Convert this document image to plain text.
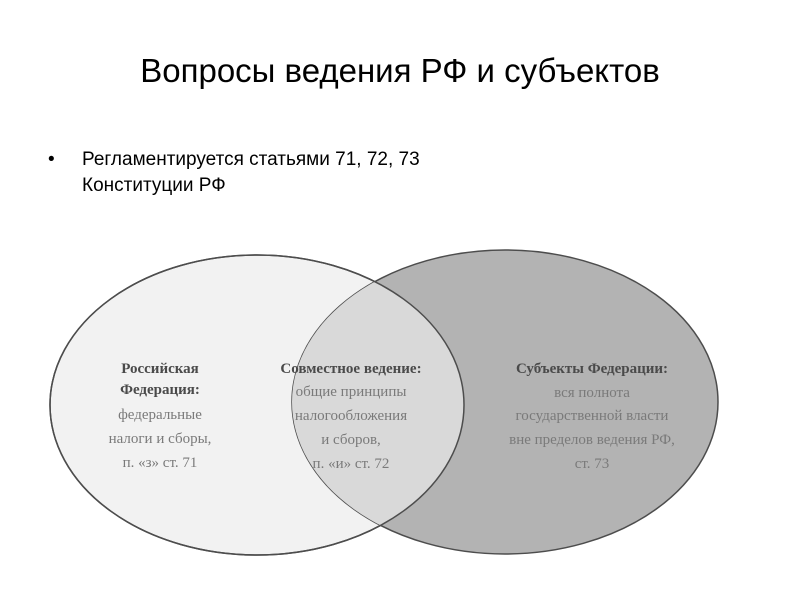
Вопросы ведения РФ и субъектов
• Регламентируется статьями 71, 72, 73
Конституции РФ
Российская
Федерация:
федеральные
налоги и сборы,
п. «з» ст. 71
Совместное ведение:
общие принципы
налогообложения
и сборов,
п. «и» ст. 72
Субъекты Федерации:
вся полнота
государственной власти
вне пределов ведения РФ,
ст. 73
